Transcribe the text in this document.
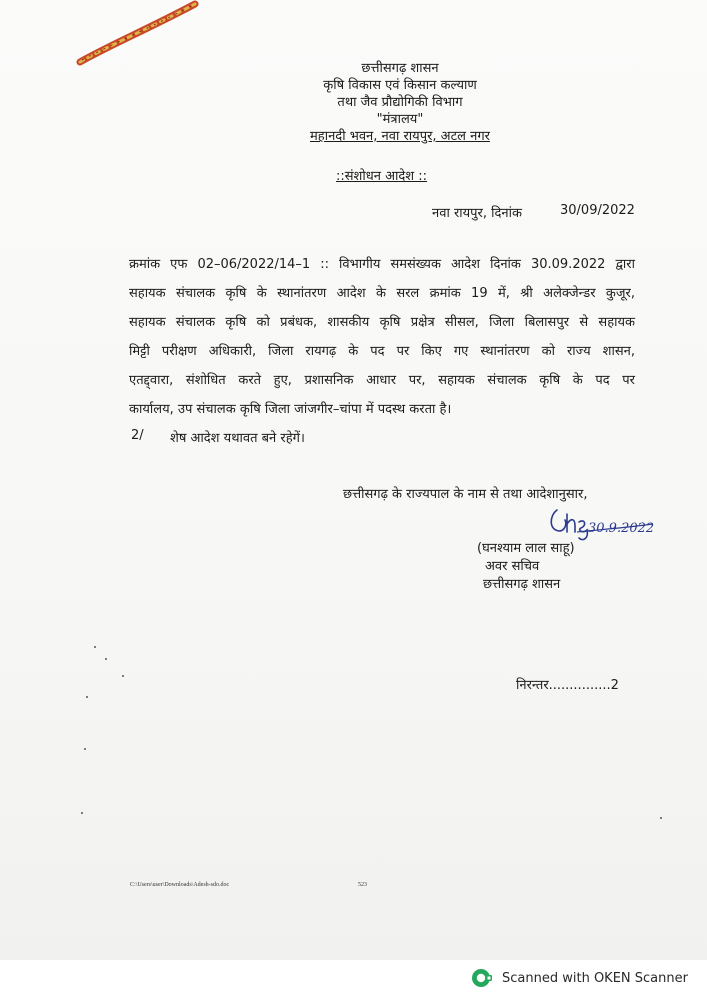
छत्तीसगढ़ शासन
कृषि विकास एवं किसान कल्याण
तथा जैव प्रौद्योगिकी विभाग
"मंत्रालय"
महानदी भवन, नवा रायपुर, अटल नगर
::संशोधन आदेश ::
नवा रायपुर, दिनांक	30/09/2022
क्रमांक एफ 02–06/2022/14–1 :: विभागीय समसंख्यक आदेश दिनांक 30.09.2022 द्वारा
सहायक संचालक कृषि के स्थानांतरण आदेश के सरल क्रमांक 19 में, श्री अलेक्जेन्डर कुजूर,
सहायक संचालक कृषि को प्रबंधक, शासकीय कृषि प्रक्षेत्र सीसल, जिला बिलासपुर से सहायक
मिट्टी परीक्षण अधिकारी, जिला रायगढ़ के पद पर किए गए स्थानांतरण को राज्य शासन,
एतद्द्वारा, संशोधित करते हुए, प्रशासनिक आधार पर, सहायक संचालक कृषि के पद पर
कार्यालय, उप संचालक कृषि जिला जांजगीर–चांपा में पदस्थ करता है।
2/ शेष आदेश यथावत बने रहेगें।
छत्तीसगढ़ के राज्यपाल के नाम से तथा आदेशानुसार,
30.9.2022
(घनश्याम लाल साहू)
अवर सचिव
छत्तीसगढ़ शासन
निरन्तर...............2
C:\Users\user\Downloads\Adesh-sdo.doc	523
Scanned with OKEN Scanner
